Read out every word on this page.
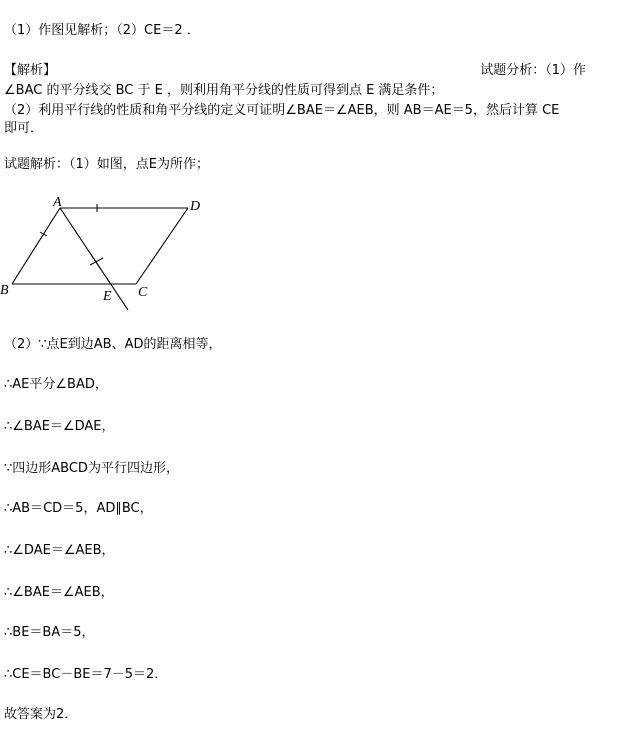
（1）作图见解析；（2）CE＝2 ．
【解析】	试题分析：（1）作
∠BAC 的平分线交 BC 于 E ，则利用角平分线的性质可得到点 E 满足条件；
（2）利用平行线的性质和角平分线的定义可证明∠BAE＝∠AEB，则 AB＝AE＝5，然后计算 CE
即可．
试题解析：（1）如图，点E为所作；
A
B	C
D
E
（2）∵点E到边AB、AD的距离相等，
∴AE平分∠BAD，
∴∠BAE＝∠DAE，
∵四边形ABCD为平行四边形，
∴AB＝CD＝5，AD∥BC，
∴∠DAE＝∠AEB，
∴∠BAE＝∠AEB，
∴BE＝BA＝5，
∴CE＝BC－BE＝7－5＝2．
故答案为2．
